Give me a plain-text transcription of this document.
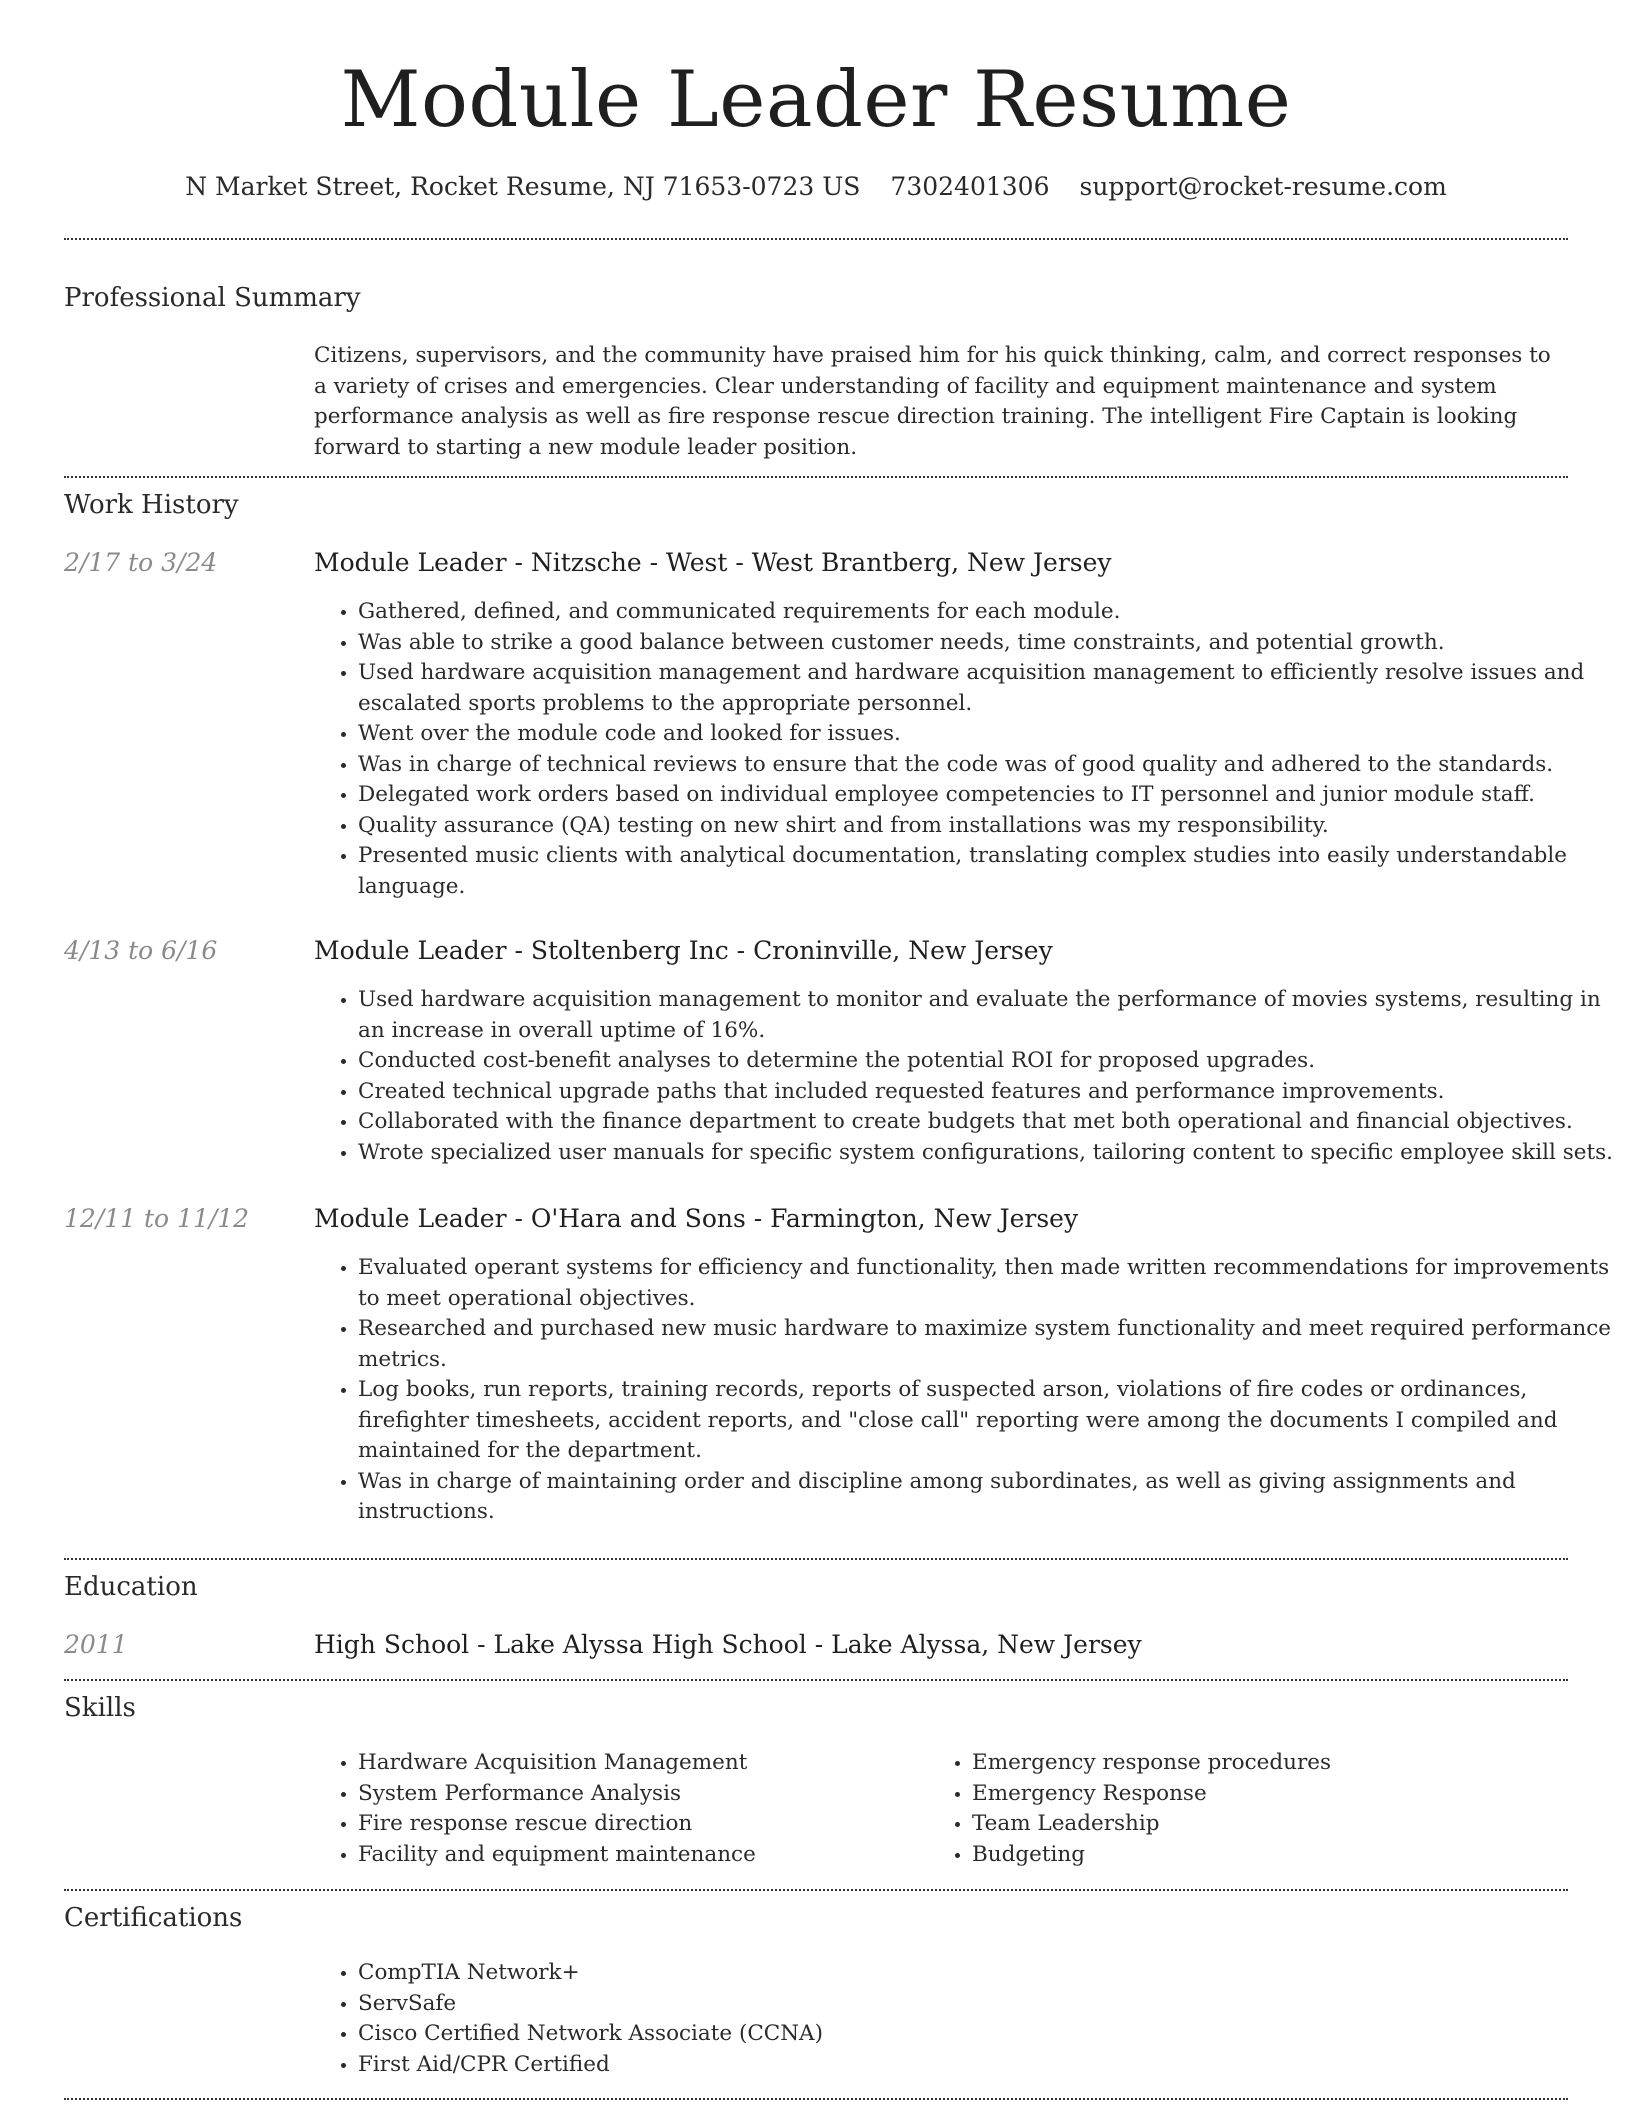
Module Leader Resume
N Market Street, Rocket Resume, NJ 71653-0723 US 7302401306 support@rocket-resume.com
Professional Summary

Citizens, supervisors, and the community have praised him for his quick thinking, calm, and correct responses to a variety of crises and emergencies. Clear understanding of facility and equipment maintenance and system performance analysis as well as fire response rescue direction training. The intelligent Fire Captain is looking forward to starting a new module leader position.

Work History
2/17 to 3/24	Module Leader - Nitzsche - West - West Brantberg, New Jersey
• Gathered, defined, and communicated requirements for each module.
• Was able to strike a good balance between customer needs, time constraints, and potential growth.
• Used hardware acquisition management and hardware acquisition management to efficiently resolve issues and escalated sports problems to the appropriate personnel.
• Went over the module code and looked for issues.
• Was in charge of technical reviews to ensure that the code was of good quality and adhered to the standards.
• Delegated work orders based on individual employee competencies to IT personnel and junior module staff.
• Quality assurance (QA) testing on new shirt and from installations was my responsibility.
• Presented music clients with analytical documentation, translating complex studies into easily understandable language.
4/13 to 6/16	Module Leader - Stoltenberg Inc - Croninville, New Jersey
• Used hardware acquisition management to monitor and evaluate the performance of movies systems, resulting in an increase in overall uptime of 16%.
• Conducted cost-benefit analyses to determine the potential ROI for proposed upgrades.
• Created technical upgrade paths that included requested features and performance improvements.
• Collaborated with the finance department to create budgets that met both operational and financial objectives.
• Wrote specialized user manuals for specific system configurations, tailoring content to specific employee skill sets.
12/11 to 11/12	Module Leader - O'Hara and Sons - Farmington, New Jersey
• Evaluated operant systems for efficiency and functionality, then made written recommendations for improvements to meet operational objectives.
• Researched and purchased new music hardware to maximize system functionality and meet required performance metrics.
• Log books, run reports, training records, reports of suspected arson, violations of fire codes or ordinances, firefighter timesheets, accident reports, and "close call" reporting were among the documents I compiled and maintained for the department.
• Was in charge of maintaining order and discipline among subordinates, as well as giving assignments and instructions.
Education
2011	High School - Lake Alyssa High School - Lake Alyssa, New Jersey
Skills
• Hardware Acquisition Management
• System Performance Analysis
• Fire response rescue direction
• Facility and equipment maintenance
• Emergency response procedures
• Emergency Response
• Team Leadership
• Budgeting
Certifications
• CompTIA Network+
• ServSafe
• Cisco Certified Network Associate (CCNA)
• First Aid/CPR Certified
